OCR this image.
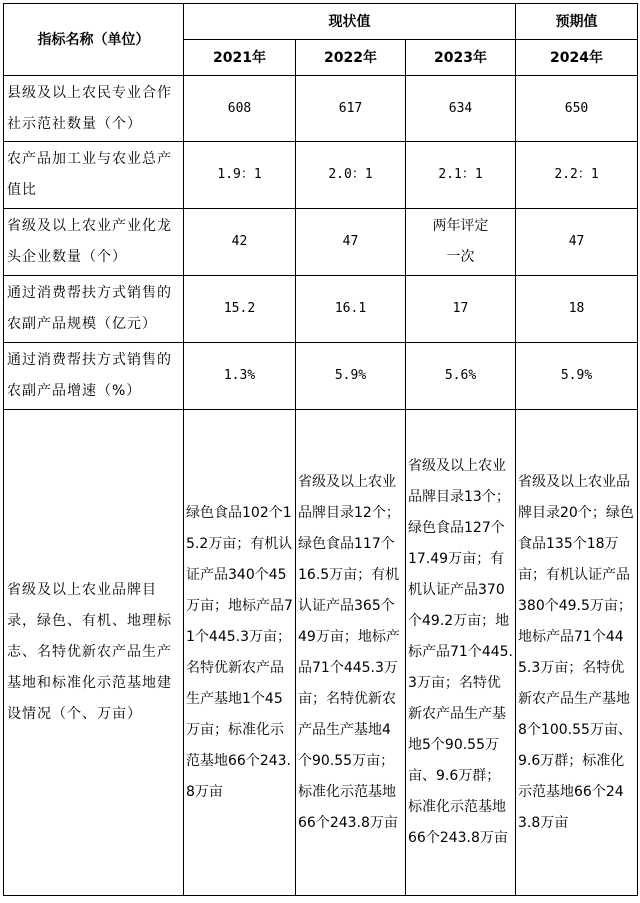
指标名称（单位）	现状值			预期值
	2021年	2022年	2023年	2024年
县级及以上农民专业合作社示范社数量（个）	608	617	634	650
农产品加工业与农业总产值比	1.9：1	2.0：1	2.1：1	2.2：1
省级及以上农业产业化龙头企业数量（个）	42	47	两年评定一次	47
通过消费帮扶方式销售的农副产品规模（亿元）	15.2	16.1	17	18
通过消费帮扶方式销售的农副产品增速（%）	1.3%	5.9%	5.6%	5.9%
省级及以上农业品牌目录，绿色、有机、地理标志、名特优新农产品生产基地和标准化示范基地建设情况（个、万亩）	绿色食品102个15.2万亩；有机认证产品340个45万亩；地标产品71个445.3万亩；名特优新农产品生产基地1个45万亩；标准化示范基地66个243.8万亩	省级及以上农业品牌目录12个；绿色食品117个16.5万亩；有机认证产品365个49万亩；地标产品71个445.3万亩；名特优新农产品生产基地4个90.55万亩；标准化示范基地66个243.8万亩	省级及以上农业品牌目录13个；绿色食品127个17.49万亩；有机认证产品370个49.2万亩；地标产品71个445.3万亩；名特优新农产品生产基地5个90.55万亩、9.6万群；标准化示范基地66个243.8万亩	省级及以上农业品牌目录20个；绿色食品135个18万亩；有机认证产品380个49.5万亩；地标产品71个445.3万亩；名特优新农产品生产基地8个100.55万亩、9.6万群；标准化示范基地66个243.8万亩
